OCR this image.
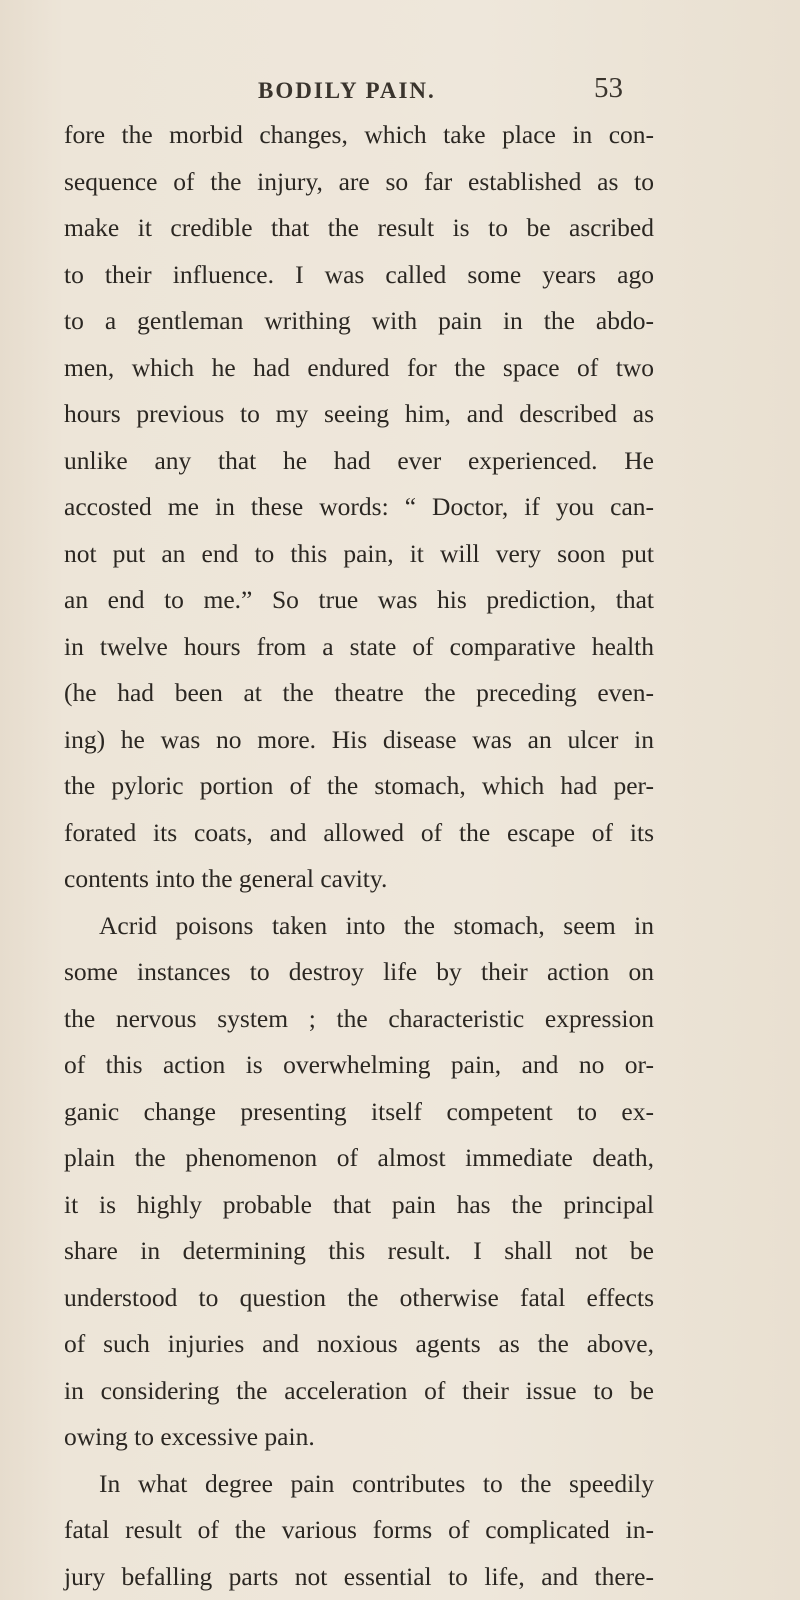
BODILY PAIN.	53
fore the morbid changes, which take place in con-
sequence of the injury, are so far established as to
make it credible that the result is to be ascribed
to their influence. I was called some years ago
to a gentleman writhing with pain in the abdo-
men, which he had endured for the space of two
hours previous to my seeing him, and described as
unlike any that he had ever experienced. He
accosted me in these words: “ Doctor, if you can-
not put an end to this pain, it will very soon put
an end to me.” So true was his prediction, that
in twelve hours from a state of comparative health
(he had been at the theatre the preceding even-
ing) he was no more. His disease was an ulcer in
the pyloric portion of the stomach, which had per-
forated its coats, and allowed of the escape of its
contents into the general cavity.
Acrid poisons taken into the stomach, seem in
some instances to destroy life by their action on
the nervous system ; the characteristic expression
of this action is overwhelming pain, and no or-
ganic change presenting itself competent to ex-
plain the phenomenon of almost immediate death,
it is highly probable that pain has the principal
share in determining this result. I shall not be
understood to question the otherwise fatal effects
of such injuries and noxious agents as the above,
in considering the acceleration of their issue to be
owing to excessive pain.
In what degree pain contributes to the speedily
fatal result of the various forms of complicated in-
jury befalling parts not essential to life, and there-
